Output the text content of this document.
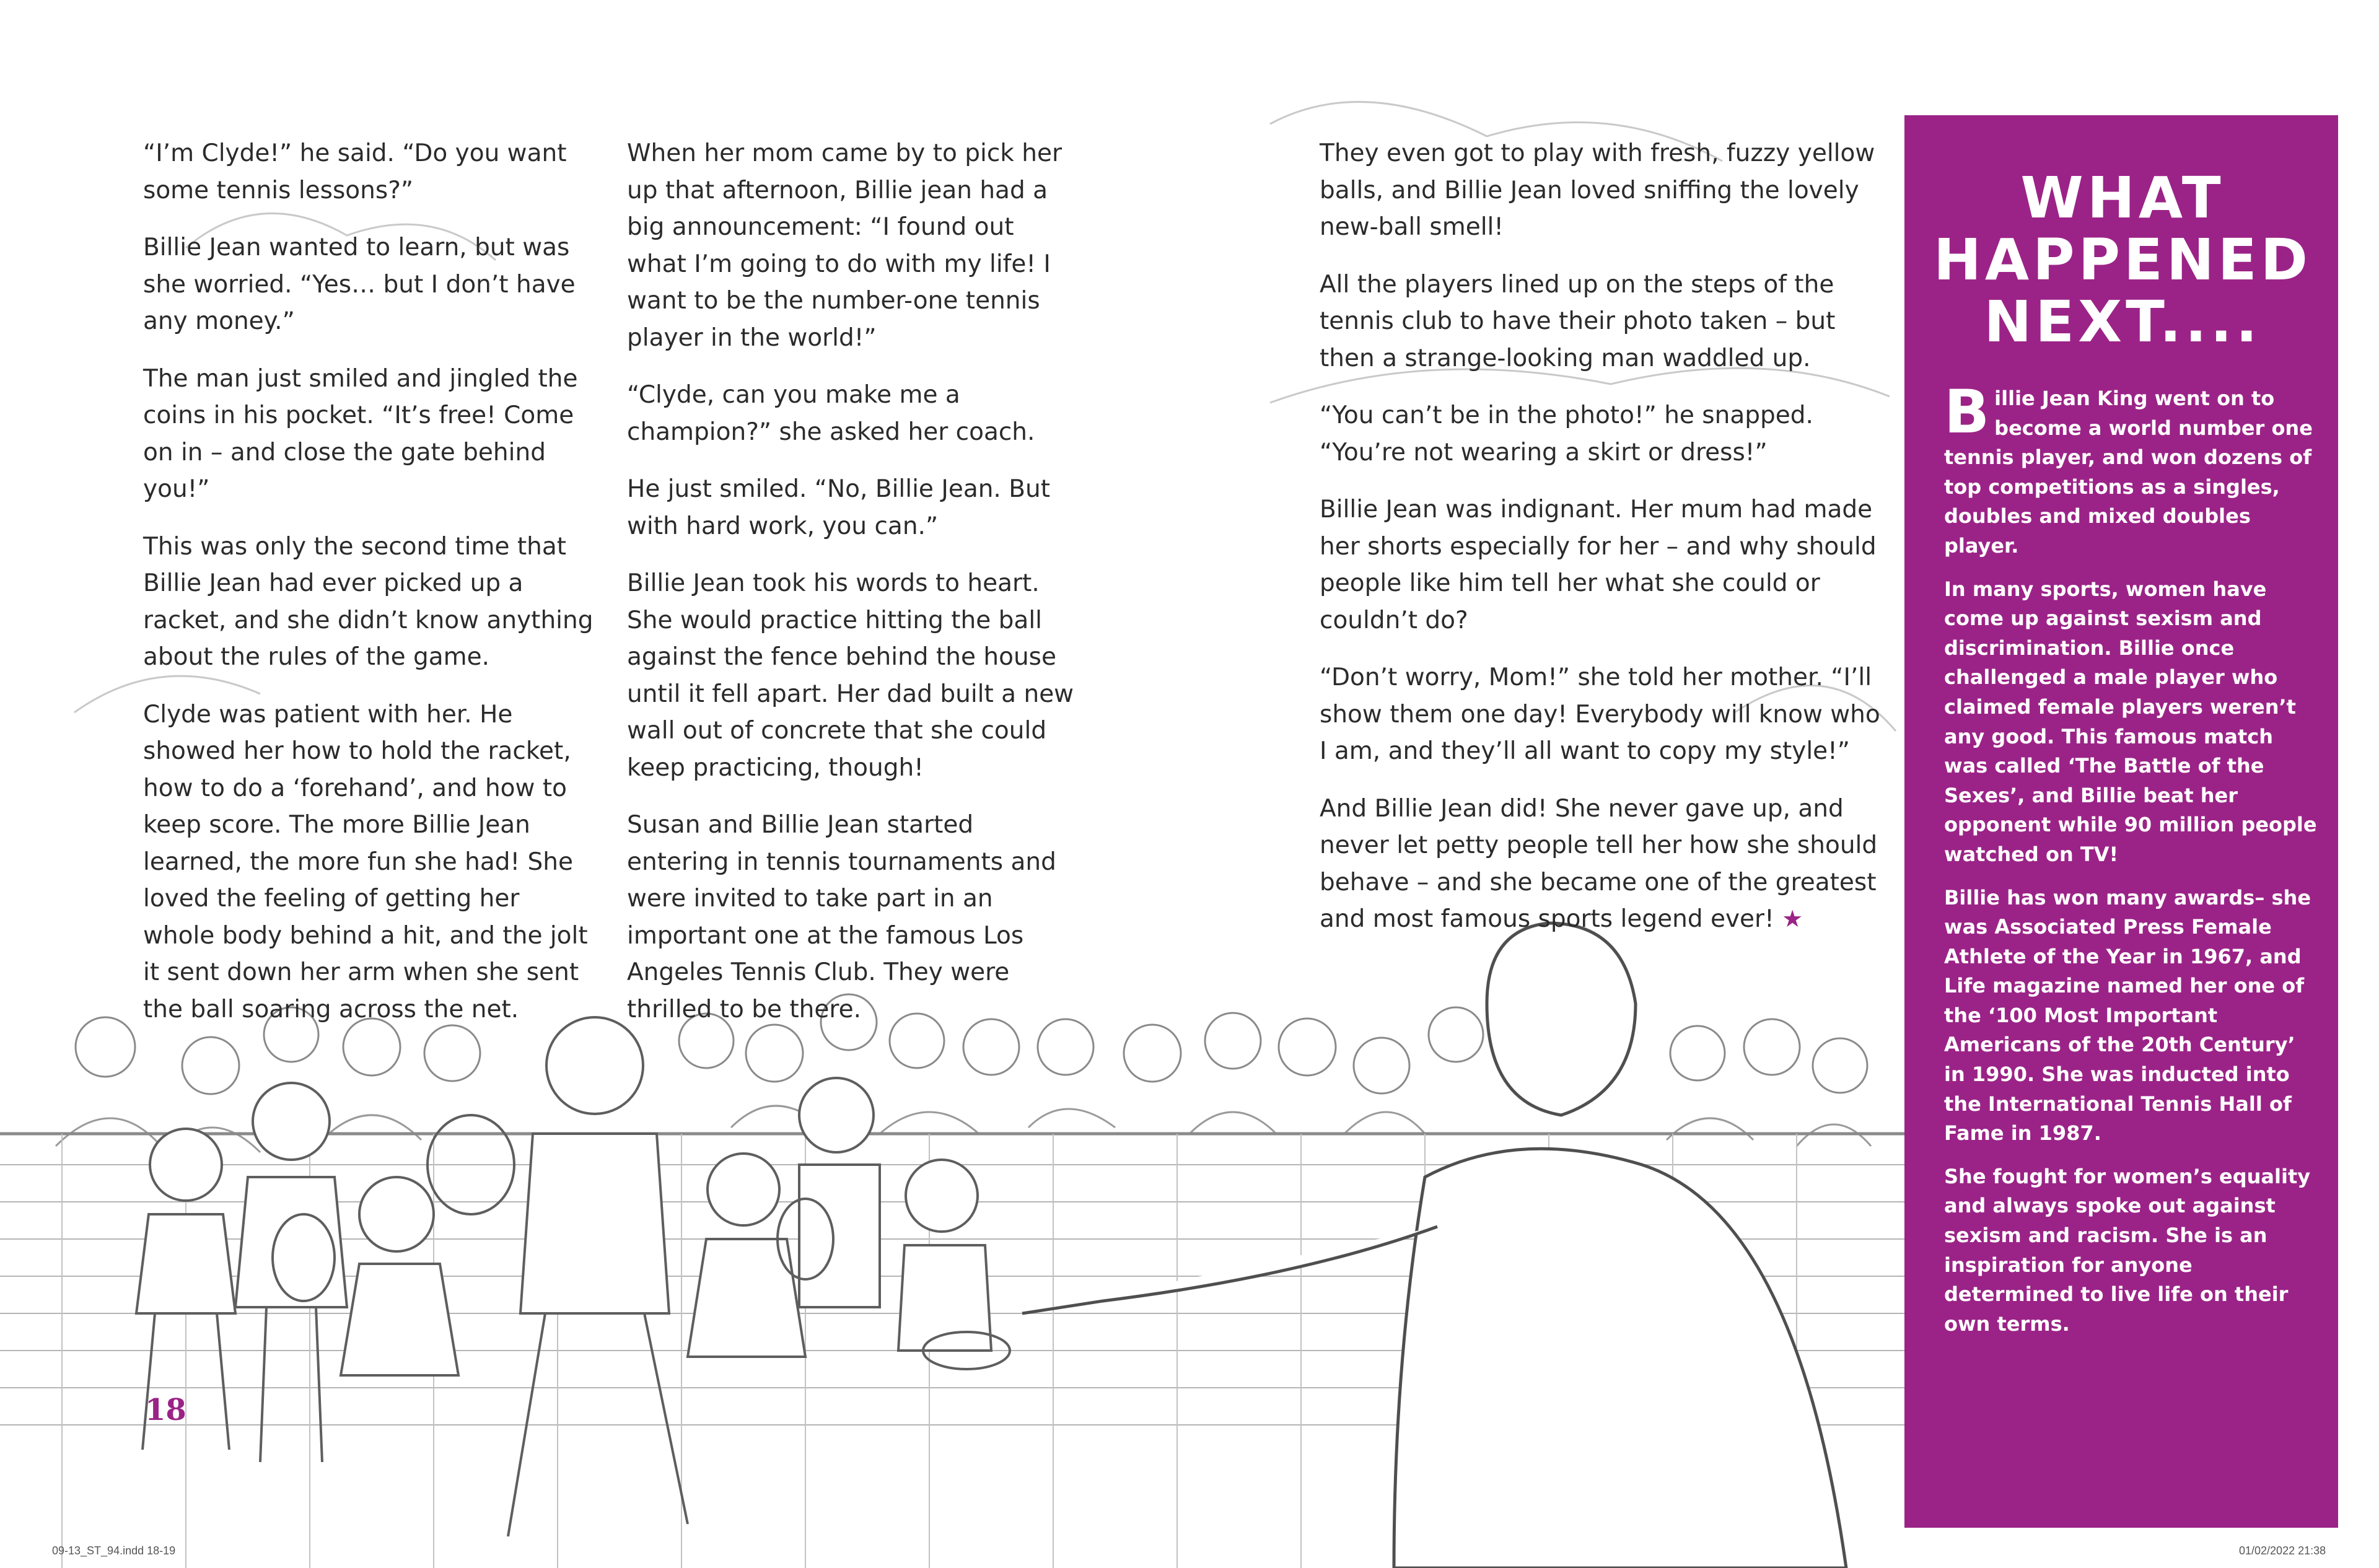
“I’m Clyde!” he said. “Do you want some tennis lessons?”

Billie Jean wanted to learn, but was she worried. “Yes… but I don’t have any money.”

The man just smiled and jingled the coins in his pocket. “It’s free! Come on in – and close the gate behind you!”

This was only the second time that Billie Jean had ever picked up a racket, and she didn’t know anything about the rules of the game.

Clyde was patient with her. He showed her how to hold the racket, how to do a ‘forehand’, and how to keep score. The more Billie Jean learned, the more fun she had! She loved the feeling of getting her whole body behind a hit, and the jolt it sent down her arm when she sent the ball soaring across the net.

When her mom came by to pick her up that afternoon, Billie jean had a big announcement: “I found out what I’m going to do with my life! I want to be the number-one tennis player in the world!”

“Clyde, can you make me a champion?” she asked her coach.

He just smiled. “No, Billie Jean. But with hard work, you can.”

Billie Jean took his words to heart. She would practice hitting the ball against the fence behind the house until it fell apart. Her dad built a new wall out of concrete that she could keep practicing, though!

Susan and Billie Jean started entering in tennis tournaments and were invited to take part in an important one at the famous Los Angeles Tennis Club. They were thrilled to be there.

They even got to play with fresh, fuzzy yellow balls, and Billie Jean loved sniffing the lovely new-ball smell!

All the players lined up on the steps of the tennis club to have their photo taken – but then a strange-looking man waddled up.

“You can’t be in the photo!” he snapped. “You’re not wearing a skirt or dress!”

Billie Jean was indignant. Her mum had made her shorts especially for her – and why should people like him tell her what she could or couldn’t do?

“Don’t worry, Mom!” she told her mother. “I’ll show them one day! Everybody will know who I am, and they’ll all want to copy my style!”

And Billie Jean did! She never gave up, and never let petty people tell her how she should behave – and she became one of the greatest and most famous sports legend ever! ★

WHAT
HAPPENED
NEXT....

Billie Jean King went on to become a world number one tennis player, and won dozens of top competitions as a singles, doubles and mixed doubles player.

In many sports, women have come up against sexism and discrimination. Billie once challenged a male player who claimed female players weren’t any good. This famous match was called ‘The Battle of the Sexes’, and Billie beat her opponent while 90 million people watched on TV!

Billie has won many awards– she was Associated Press Female Athlete of the Year in 1967, and Life magazine named her one of the ‘100 Most Important Americans of the 20th Century’ in 1990. She was inducted into the International Tennis Hall of Fame in 1987.

She fought for women’s equality and always spoke out against sexism and racism. She is an inspiration for anyone determined to live life on their own terms.

18
09-13_ST_94.indd 18-19	01/02/2022 21:38
